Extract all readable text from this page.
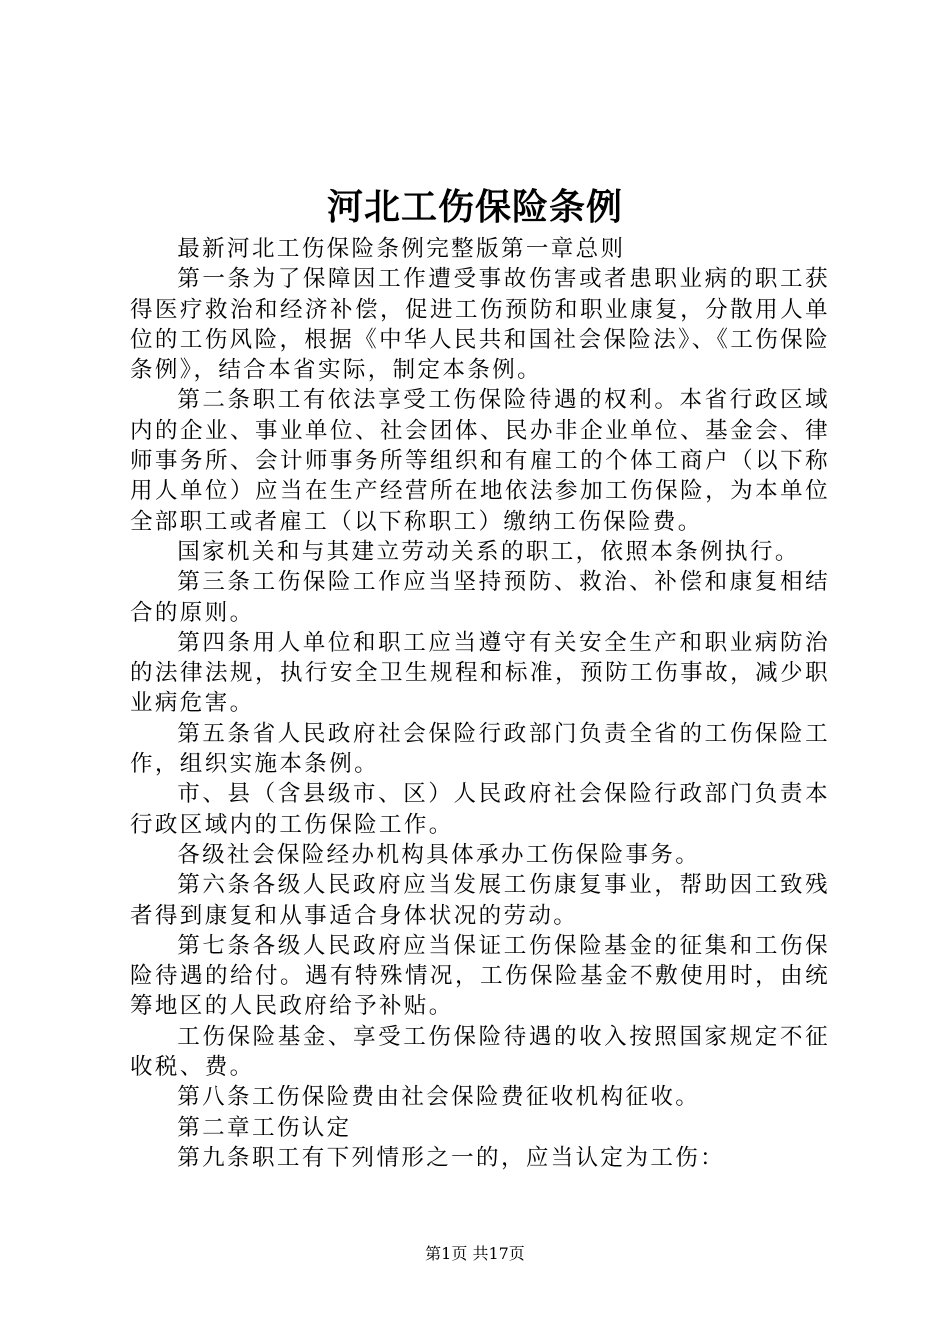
河北工伤保险条例

最新河北工伤保险条例完整版第一章总则

第一条为了保障因工作遭受事故伤害或者患职业病的职工获得医疗救治和经济补偿，促进工伤预防和职业康复，分散用人单位的工伤风险，根据《中华人民共和国社会保险法》、《工伤保险条例》，结合本省实际，制定本条例。

第二条职工有依法享受工伤保险待遇的权利。本省行政区域内的企业、事业单位、社会团体、民办非企业单位、基金会、律师事务所、会计师事务所等组织和有雇工的个体工商户（以下称用人单位）应当在生产经营所在地依法参加工伤保险，为本单位全部职工或者雇工（以下称职工）缴纳工伤保险费。

国家机关和与其建立劳动关系的职工，依照本条例执行。

第三条工伤保险工作应当坚持预防、救治、补偿和康复相结合的原则。

第四条用人单位和职工应当遵守有关安全生产和职业病防治的法律法规，执行安全卫生规程和标准，预防工伤事故，减少职业病危害。

第五条省人民政府社会保险行政部门负责全省的工伤保险工作，组织实施本条例。

市、县（含县级市、区）人民政府社会保险行政部门负责本行政区域内的工伤保险工作。

各级社会保险经办机构具体承办工伤保险事务。

第六条各级人民政府应当发展工伤康复事业，帮助因工致残者得到康复和从事适合身体状况的劳动。

第七条各级人民政府应当保证工伤保险基金的征集和工伤保险待遇的给付。遇有特殊情况，工伤保险基金不敷使用时，由统筹地区的人民政府给予补贴。

工伤保险基金、享受工伤保险待遇的收入按照国家规定不征收税、费。

第八条工伤保险费由社会保险费征收机构征收。

第二章工伤认定

第九条职工有下列情形之一的，应当认定为工伤：

第1页 共17页
